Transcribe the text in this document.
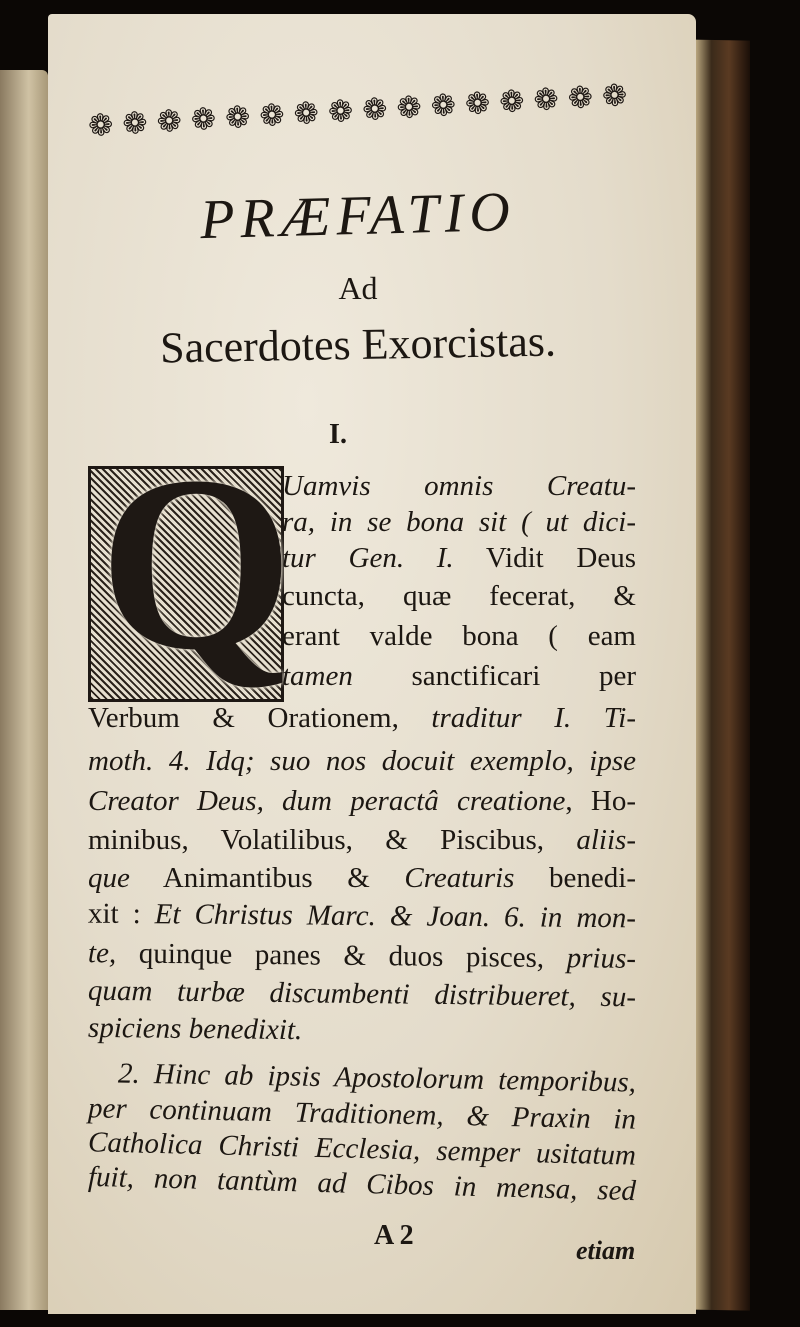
❁ ❁ ❁ ❁ ❁ ❁ ❁ ❁ ❁ ❁ ❁ ❁ ❁ ❁ ❁ ❁
PRÆFATIO
Ad
Sacerdotes Exorcistas.
I.
Q
A 2	etiam
Uamvis omnis Creatu-
ra, in se bona sit ( ut dici-
tur Gen. I. Vidit Deus
cuncta, quæ fecerat, &
erant valde bona ( eam
tamen sanctificari per
Verbum & Orationem, traditur I. Ti-
moth. 4. Idq; suo nos docuit exemplo, ipse
Creator Deus, dum peractâ creatione, Ho-
minibus, Volatilibus, & Piscibus, aliis-
que Animantibus & Creaturis benedi-
xit : Et Christus Marc. & Joan. 6. in mon-
te, quinque panes & duos pisces, prius-
quam turbæ discumbenti distribueret, su-
spiciens benedixit.
2. Hinc ab ipsis Apostolorum temporibus,
per continuam Traditionem, & Praxin in
Catholica Christi Ecclesia, semper usitatum
fuit, non tantùm ad Cibos in mensa, sed
